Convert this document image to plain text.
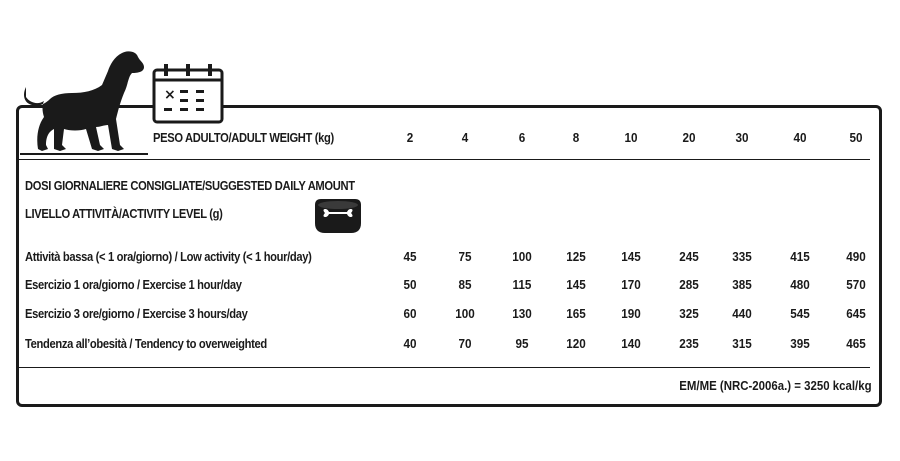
×
PESO ADULTO/ADULT WEIGHT (kg)	2	4	6	8	10	20	30	40	50
DOSI GIORNALIERE CONSIGLIATE/SUGGESTED DAILY AMOUNT
LIVELLO ATTIVITÀ/ACTIVITY LEVEL (g)
Attività bassa (< 1 ora/giorno) / Low activity (< 1 hour/day)	45	75	100	125	145	245	335	415	490
Esercizio 1 ora/giorno / Exercise 1 hour/day	50	85	115	145	170	285	385	480	570
Esercizio 3 ore/giorno / Exercise 3 hours/day	60	100	130	165	190	325	440	545	645
Tendenza all’obesità / Tendency to overweighted	40	70	95	120	140	235	315	395	465
EM/ME (NRC-2006a.) = 3250 kcal/kg
